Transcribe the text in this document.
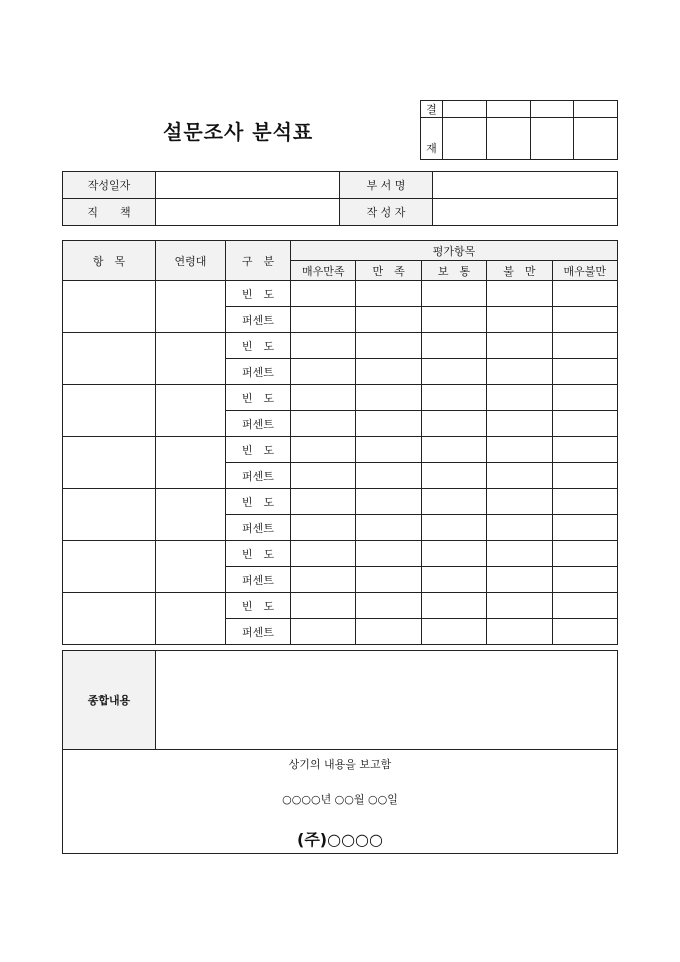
설문조사 분석표
결				
재				
작성일자		부 서 명	
직　　책		작 성 자	
항　목	연령대	구　분	평가항목				
			매우만족	만　족	보　통	불　만	매우불만
		빈　도					
		퍼센트					
		빈　도					
		퍼센트					
		빈　도					
		퍼센트					
		빈　도					
		퍼센트					
		빈　도					
		퍼센트					
		빈　도					
		퍼센트					
		빈　도					
		퍼센트					
종합내용	
상기의 내용을 보고함
○○○○년 ○○월 ○○일
(주)○○○○
